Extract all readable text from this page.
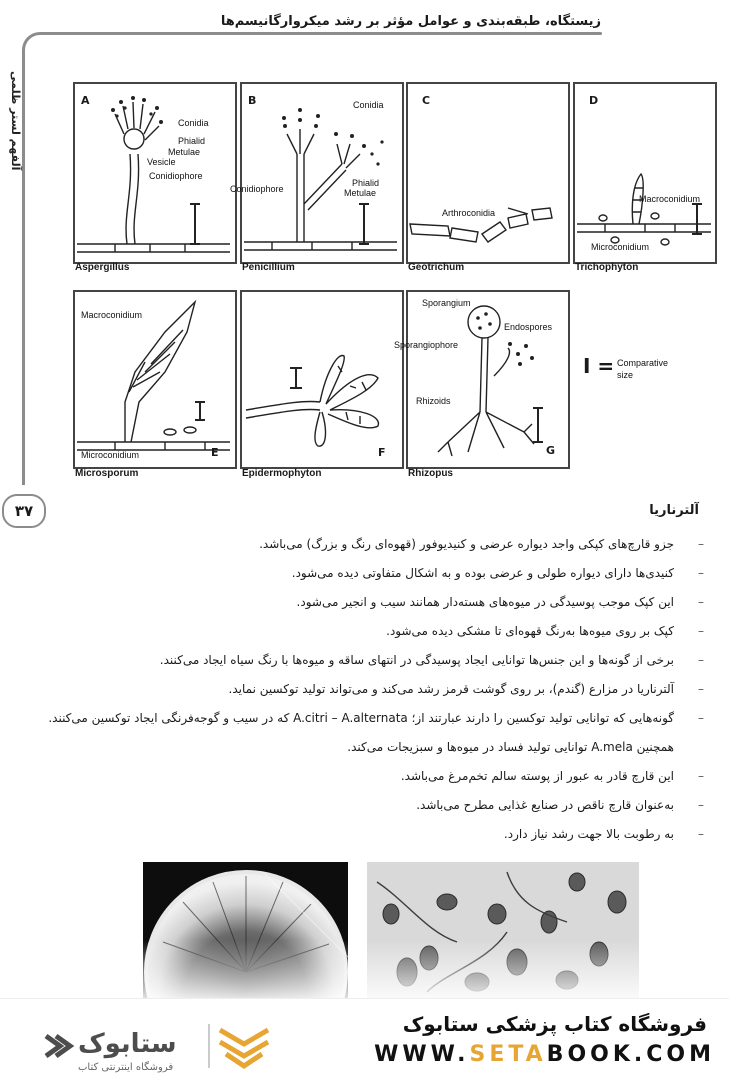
زیستگاه، طبقه‌بندی و عوامل مؤثر بر رشد میکروارگانیسم‌ها
آلفهم لستر ظلمی
۳۷
A
Conidia
Phialid
Metulae
Vesicle
Conidiophore
Aspergillus
B	Conidia
Conidiophore
Phialid
Metulae
Penicillium
C
Arthroconidia
Geotrichum
D
Macroconidium
Microconidium
Trichophyton
Macroconidium
Microconidium	E
Microsporum
F
Epidermophyton
Sporangium
Endospores
Sporangiophore
Rhizoids
G
Rhizopus
I = Comparative
size
آلترناریا
–
جزو قارچ‌های کپکی واجد دیواره عرضی و کنیدیوفور (قهوه‌ای رنگ و بزرگ) می‌باشد.
–
کنیدی‌ها دارای دیواره طولی و عرضی بوده و به اشکال متفاوتی دیده می‌شود.
–
این کپک موجب پوسیدگی در میوه‌های هسته‌دار همانند سیب و انجیر می‌شود.
–
کپک بر روی میوه‌ها به‌رنگ قهوه‌ای تا مشکی دیده می‌شود.
–
برخی از گونه‌ها و این جنس‌ها توانایی ایجاد پوسیدگی در انتهای ساقه و میوه‌ها با رنگ سیاه ایجاد می‌کنند.
–
آلترناریا در مزارع (گندم)، بر روی گوشت قرمز رشد می‌کند و می‌تواند تولید توکسین نماید.
–
گونه‌هایی که توانایی تولید توکسین را دارند عبارتند از؛ A.citri – A.alternata که در سیب و گوجه‌فرنگی ایجاد توکسین می‌کنند. همچنین A.mela توانایی تولید فساد در میوه‌ها و سبزیجات می‌کند.
–
این قارچ قادر به عبور از پوسته سالم تخم‌مرغ می‌باشد.
–
به‌عنوان قارچ ناقص در صنایع غذایی مطرح می‌باشد.
–
به رطوبت بالا جهت رشد نیاز دارد.
ستابوک
فروشگاه اینترنتی کتاب
فروشگاه کتاب پزشکی ستابوک
WWW.SETABOOK.COM
